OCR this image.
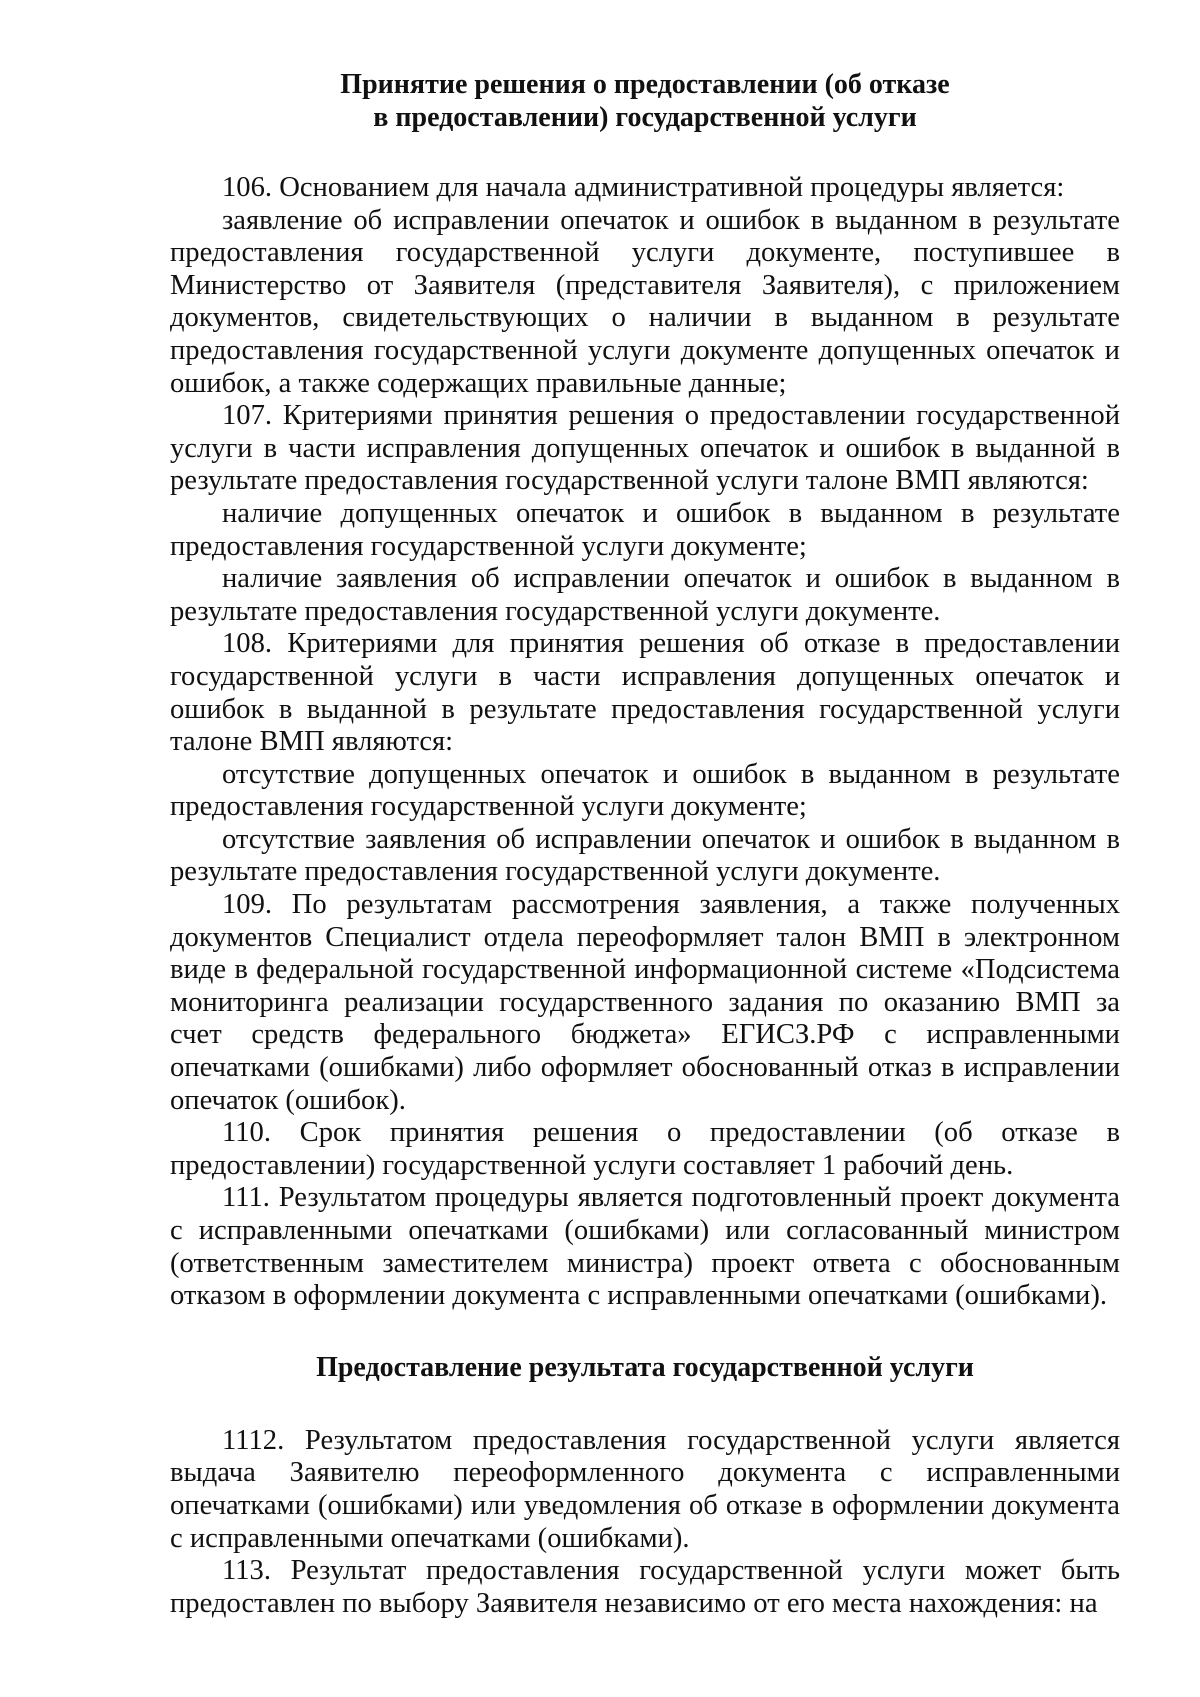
Принятие решения о предоставлении (об отказе
в предоставлении) государственной услуги

106. Основанием для начала административной процедуры является:

заявление об исправлении опечаток и ошибок в выданном в результате предоставления государственной услуги документе, поступившее в Министерство от Заявителя (представителя Заявителя), с приложением документов, свидетельствующих о наличии в выданном в результате предоставления государственной услуги документе допущенных опечаток и ошибок, а также содержащих правильные данные;

107. Критериями принятия решения о предоставлении государственной услуги в части исправления допущенных опечаток и ошибок в выданной в результате предоставления государственной услуги талоне ВМП являются:

наличие допущенных опечаток и ошибок в выданном в результате предоставления государственной услуги документе;

наличие заявления об исправлении опечаток и ошибок в выданном в результате предоставления государственной услуги документе.

108. Критериями для принятия решения об отказе в предоставлении государственной услуги в части исправления допущенных опечаток и ошибок в выданной в результате предоставления государственной услуги талоне ВМП являются:

отсутствие допущенных опечаток и ошибок в выданном в результате предоставления государственной услуги документе;

отсутствие заявления об исправлении опечаток и ошибок в выданном в результате предоставления государственной услуги документе.

109. По результатам рассмотрения заявления, а также полученных документов Специалист отдела переоформляет талон ВМП в электронном виде в федеральной государственной информационной системе «Подсистема мониторинга реализации государственного задания по оказанию ВМП за счет средств федерального бюджета» ЕГИСЗ.РФ с исправленными опечатками (ошибками) либо оформляет обоснованный отказ в исправлении опечаток (ошибок).

110. Срок принятия решения о предоставлении (об отказе в предоставлении) государственной услуги составляет 1 рабочий день.

111. Результатом процедуры является подготовленный проект документа с исправленными опечатками (ошибками) или согласованный министром (ответственным заместителем министра) проект ответа с обоснованным отказом в оформлении документа с исправленными опечатками (ошибками).

Предоставление результата государственной услуги

1112. Результатом предоставления государственной услуги является выдача Заявителю переоформленного документа с исправленными опечатками (ошибками) или уведомления об отказе в оформлении документа с исправленными опечатками (ошибками).

113. Результат предоставления государственной услуги может быть предоставлен по выбору Заявителя независимо от его места нахождения: на
